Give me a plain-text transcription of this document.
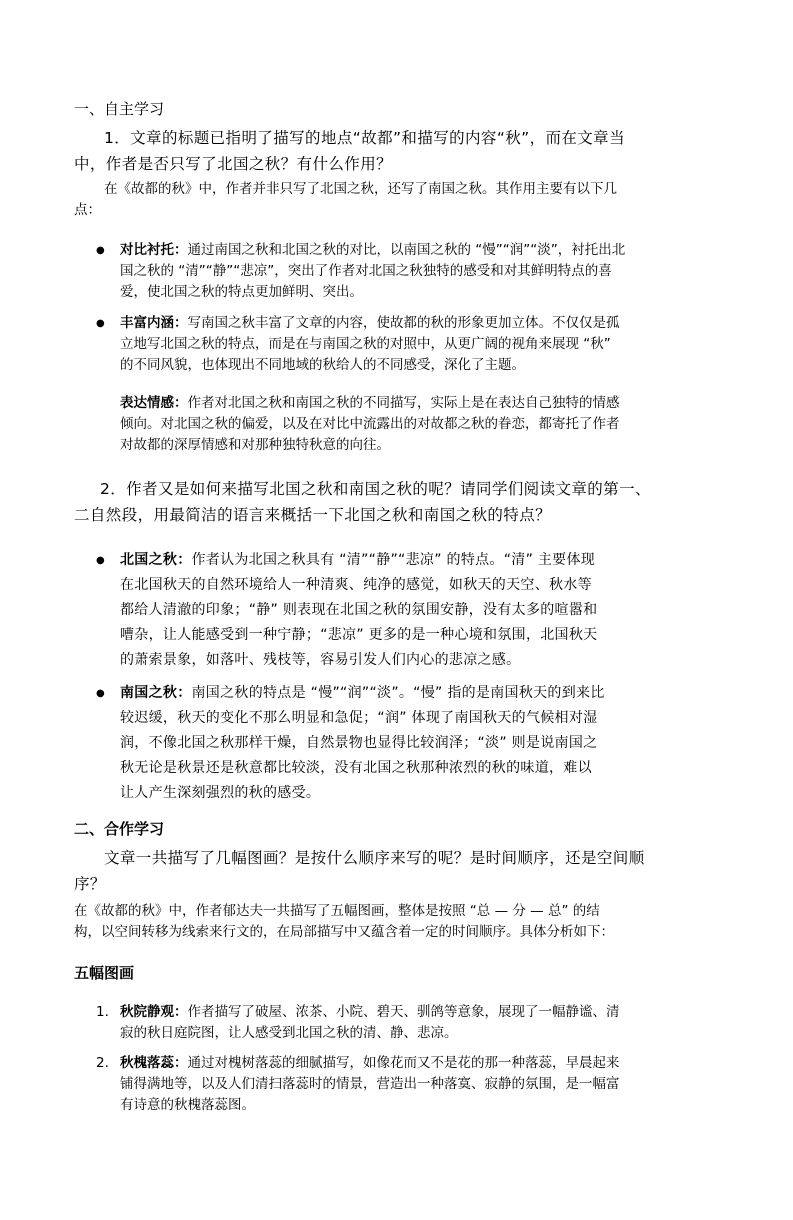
一、自主学习
1．文章的标题已指明了描写的地点“故都”和描写的内容“秋”，而在文章当
中，作者是否只写了北国之秋？有什么作用？
在《故都的秋》中，作者并非只写了北国之秋，还写了南国之秋。其作用主要有以下几
点：
● 对比衬托：通过南国之秋和北国之秋的对比，以南国之秋的 “慢”“润”“淡”，衬托出北
国之秋的 “清”“静”“悲凉”，突出了作者对北国之秋独特的感受和对其鲜明特点的喜
爱，使北国之秋的特点更加鲜明、突出。
● 丰富内涵：写南国之秋丰富了文章的内容，使故都的秋的形象更加立体。不仅仅是孤
立地写北国之秋的特点，而是在与南国之秋的对照中，从更广阔的视角来展现 “秋”
的不同风貌，也体现出不同地域的秋给人的不同感受，深化了主题。
表达情感：作者对北国之秋和南国之秋的不同描写，实际上是在表达自己独特的情感
倾向。对北国之秋的偏爱，以及在对比中流露出的对故都之秋的眷恋，都寄托了作者
对故都的深厚情感和对那种独特秋意的向往。
2．作者又是如何来描写北国之秋和南国之秋的呢？请同学们阅读文章的第一、
二自然段，用最简洁的语言来概括一下北国之秋和南国之秋的特点？
● 北国之秋：作者认为北国之秋具有 “清”“静”“悲凉” 的特点。“清” 主要体现
在北国秋天的自然环境给人一种清爽、纯净的感觉，如秋天的天空、秋水等
都给人清澈的印象；“静” 则表现在北国之秋的氛围安静，没有太多的喧嚣和
嘈杂，让人能感受到一种宁静；“悲凉” 更多的是一种心境和氛围，北国秋天
的萧索景象，如落叶、残枝等，容易引发人们内心的悲凉之感。
● 南国之秋：南国之秋的特点是 “慢”“润”“淡”。“慢” 指的是南国秋天的到来比
较迟缓，秋天的变化不那么明显和急促；“润” 体现了南国秋天的气候相对湿
润，不像北国之秋那样干燥，自然景物也显得比较润泽；“淡” 则是说南国之
秋无论是秋景还是秋意都比较淡，没有北国之秋那种浓烈的秋的味道，难以
让人产生深刻强烈的秋的感受。
二、合作学习
文章一共描写了几幅图画？是按什么顺序来写的呢？是时间顺序，还是空间顺
序？
在《故都的秋》中，作者郁达夫一共描写了五幅图画，整体是按照 “总 — 分 — 总” 的结
构，以空间转移为线索来行文的，在局部描写中又蕴含着一定的时间顺序。具体分析如下：
五幅图画
1. 秋院静观：作者描写了破屋、浓茶、小院、碧天、驯鸽等意象，展现了一幅静谧、清
寂的秋日庭院图，让人感受到北国之秋的清、静、悲凉。
2. 秋槐落蕊：通过对槐树落蕊的细腻描写，如像花而又不是花的那一种落蕊，早晨起来
铺得满地等，以及人们清扫落蕊时的情景，营造出一种落寞、寂静的氛围，是一幅富
有诗意的秋槐落蕊图。
